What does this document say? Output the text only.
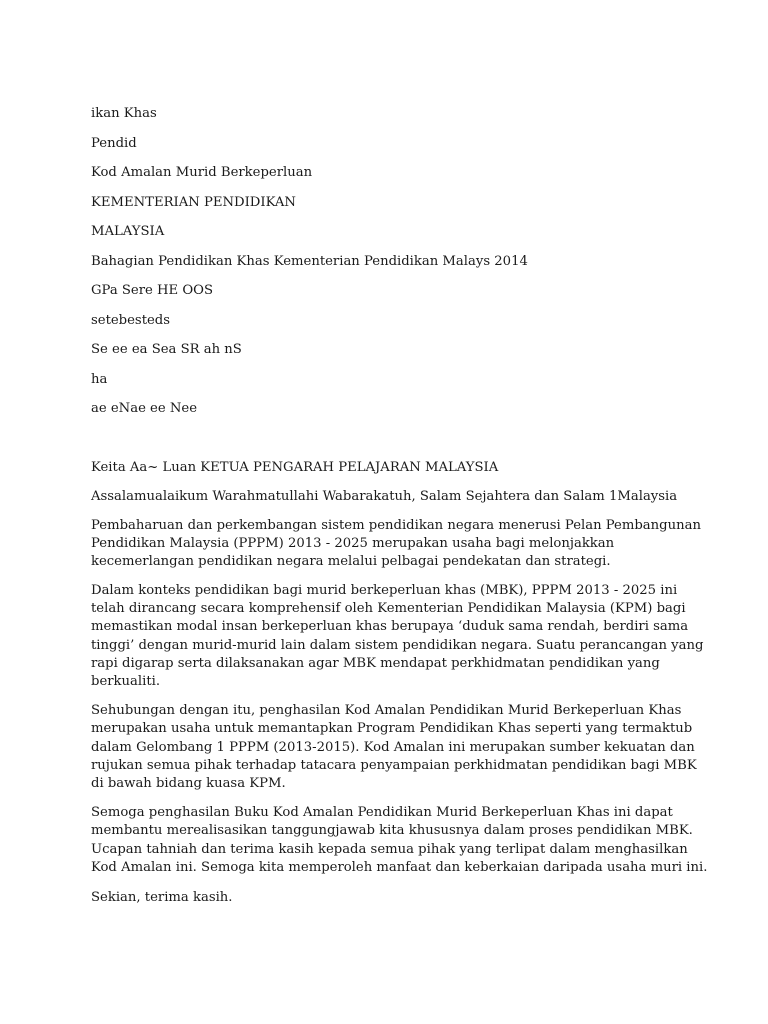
ikan Khas
Pendid
Kod Amalan Murid Berkeperluan
KEMENTERIAN PENDIDIKAN
MALAYSIA
Bahagian Pendidikan Khas Kementerian Pendidikan Malays 2014
GPa Sere HE OOS
setebesteds
Se ee ea Sea SR ah nS
ha
ae eNae ee Nee
Keita Aa~ Luan KETUA PENGARAH PELAJARAN MALAYSIA
Assalamualaikum Warahmatullahi Wabarakatuh, Salam Sejahtera dan Salam 1Malaysia
Pembaharuan dan perkembangan sistem pendidikan negara menerusi Pelan Pembangunan
Pendidikan Malaysia (PPPM) 2013 - 2025 merupakan usaha bagi melonjakkan
kecemerlangan pendidikan negara melalui pelbagai pendekatan dan strategi.
Dalam konteks pendidikan bagi murid berkeperluan khas (MBK), PPPM 2013 - 2025 ini
telah dirancang secara komprehensif oleh Kementerian Pendidikan Malaysia (KPM) bagi
memastikan modal insan berkeperluan khas berupaya ‘duduk sama rendah, berdiri sama
tinggi’ dengan murid-murid lain dalam sistem pendidikan negara. Suatu perancangan yang
rapi digarap serta dilaksanakan agar MBK mendapat perkhidmatan pendidikan yang
berkualiti.
Sehubungan dengan itu, penghasilan Kod Amalan Pendidikan Murid Berkeperluan Khas
merupakan usaha untuk memantapkan Program Pendidikan Khas seperti yang termaktub
dalam Gelombang 1 PPPM (2013-2015). Kod Amalan ini merupakan sumber kekuatan dan
rujukan semua pihak terhadap tatacara penyampaian perkhidmatan pendidikan bagi MBK
di bawah bidang kuasa KPM.
Semoga penghasilan Buku Kod Amalan Pendidikan Murid Berkeperluan Khas ini dapat
membantu merealisasikan tanggungjawab kita khususnya dalam proses pendidikan MBK.
Ucapan tahniah dan terima kasih kepada semua pihak yang terlipat dalam menghasilkan
Kod Amalan ini. Semoga kita memperoleh manfaat dan keberkaian daripada usaha muri ini.
Sekian, terima kasih.
